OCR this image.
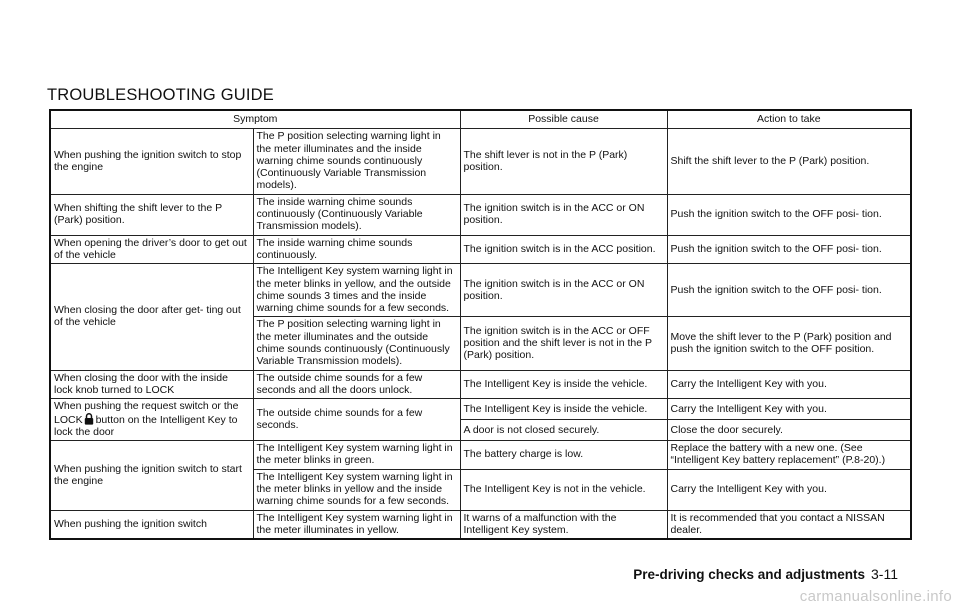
TROUBLESHOOTING GUIDE
Symptom		Possible cause	Action to take
When pushing the ignition switch to stop the engine	The P position selecting warning light in the meter illuminates and the inside warning chime sounds continuously (Continuously Variable Transmission models).	The shift lever is not in the P (Park) position.	Shift the shift lever to the P (Park) position.
When shifting the shift lever to the P (Park) position.	The inside warning chime sounds continuously (Continuously Variable Transmission models).	The ignition switch is in the ACC or ON position.	Push the ignition switch to the OFF posi- tion.
When opening the driver’s door to get out of the vehicle	The inside warning chime sounds continuously.	The ignition switch is in the ACC position.	Push the ignition switch to the OFF posi- tion.
When closing the door after get- ting out of the vehicle	The Intelligent Key system warning light in the meter blinks in yellow, and the outside chime sounds 3 times and the inside warning chime sounds for a few seconds.	The ignition switch is in the ACC or ON position.	Push the ignition switch to the OFF posi- tion.
	The P position selecting warning light in the meter illuminates and the outside chime sounds continuously (Continuously Variable Transmission models).	The ignition switch is in the ACC or OFF position and the shift lever is not in the P (Park) position.	Move the shift lever to the P (Park) position and push the ignition switch to the OFF position.
When closing the door with the inside lock knob turned to LOCK	The outside chime sounds for a few seconds and all the doors unlock.	The Intelligent Key is inside the vehicle.	Carry the Intelligent Key with you.
When pushing the request switch or the LOCK button on the Intelligent Key to lock the door	The outside chime sounds for a few seconds.	The Intelligent Key is inside the vehicle.	Carry the Intelligent Key with you.
		A door is not closed securely.	Close the door securely.
When pushing the ignition switch to start the engine	The Intelligent Key system warning light in the meter blinks in green.	The battery charge is low.	Replace the battery with a new one. (See “Intelligent Key battery replacement” (P.8-20).)
	The Intelligent Key system warning light in the meter blinks in yellow and the inside warning chime sounds for a few seconds.	The Intelligent Key is not in the vehicle.	Carry the Intelligent Key with you.
When pushing the ignition switch	The Intelligent Key system warning light in the meter illuminates in yellow.	It warns of a malfunction with the Intelligent Key system.	It is recommended that you contact a NISSAN dealer.
Pre-driving checks and adjustments 3-11
carmanualsonline.info
